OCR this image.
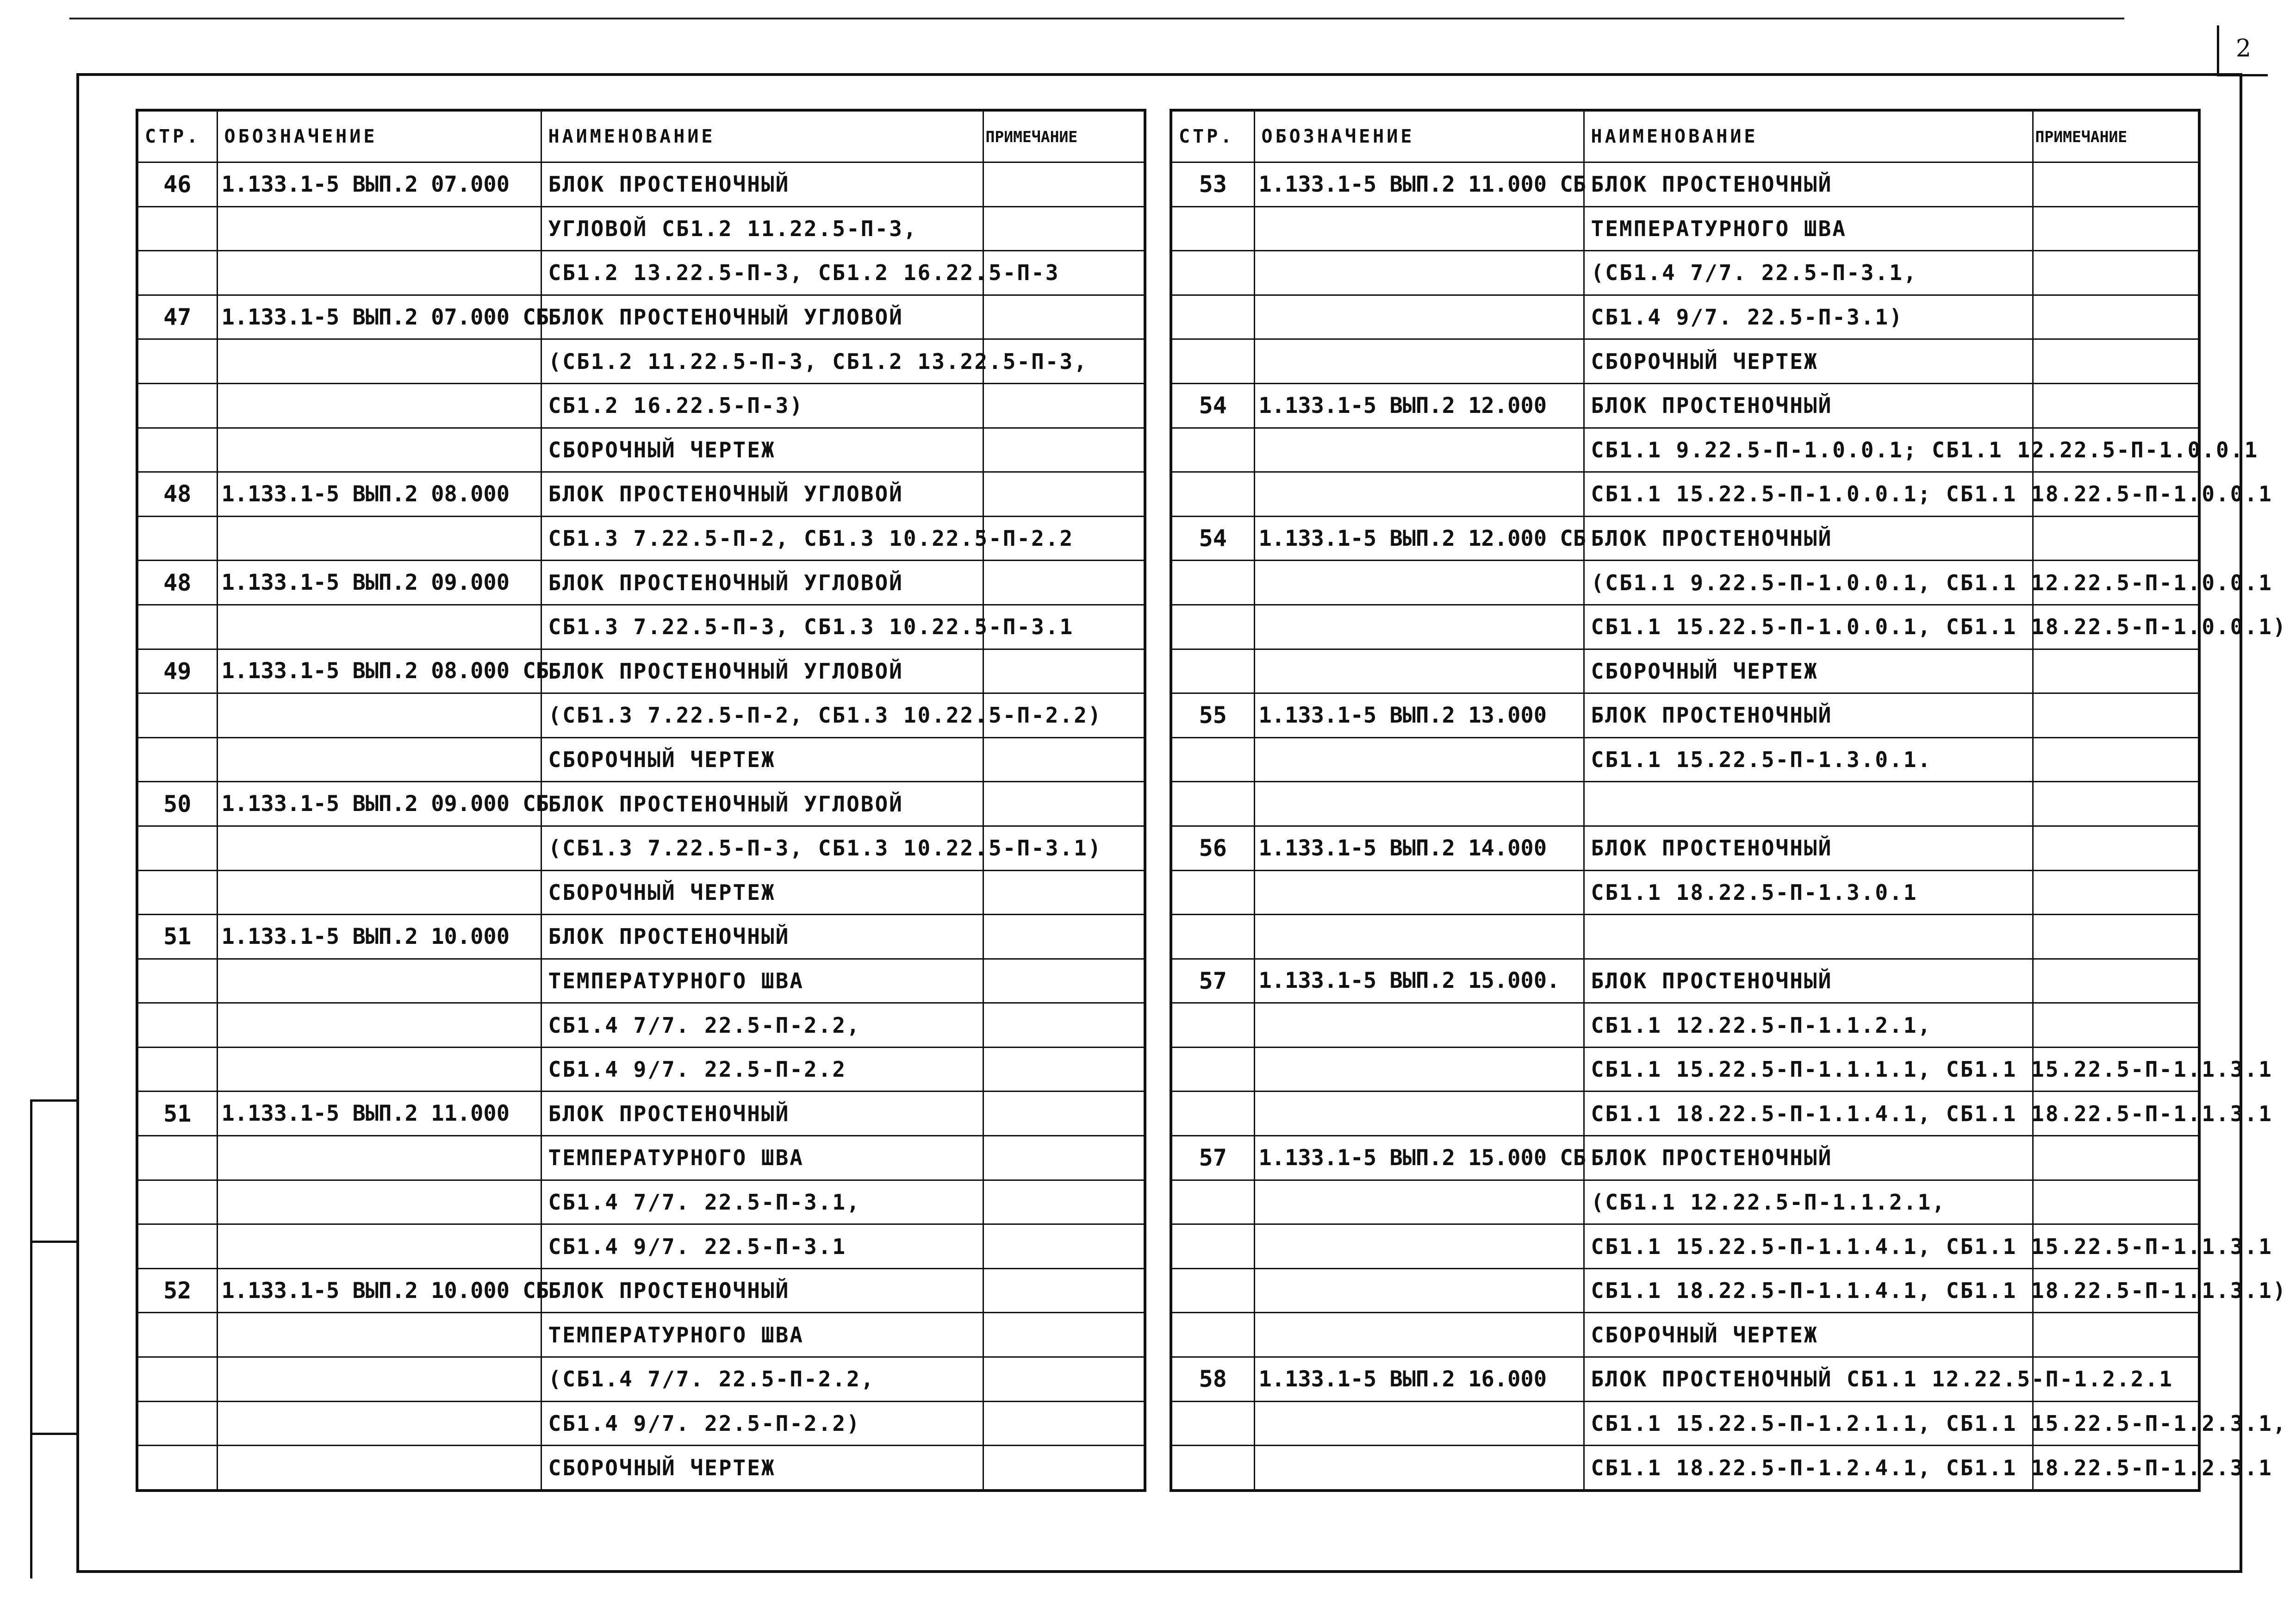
2
СТР.	ОБОЗНАЧЕНИЕ	НАИМЕНОВАНИЕ	ПРИМЕЧАНИЕ
46	1.133.1-5 ВЫП.2 07.000	БЛОК ПРОСТЕНОЧНЫЙ	
		УГЛОВОЙ СБ1.2 11.22.5-П-3,	
		СБ1.2 13.22.5-П-3, СБ1.2 16.22.5-П-3	
47	1.133.1-5 ВЫП.2 07.000 СБ	БЛОК ПРОСТЕНОЧНЫЙ УГЛОВОЙ	
		(СБ1.2 11.22.5-П-3, СБ1.2 13.22.5-П-3,	
		СБ1.2 16.22.5-П-3)	
		СБОРОЧНЫЙ ЧЕРТЕЖ	
48	1.133.1-5 ВЫП.2 08.000	БЛОК ПРОСТЕНОЧНЫЙ УГЛОВОЙ	
		СБ1.3 7.22.5-П-2, СБ1.3 10.22.5-П-2.2	
48	1.133.1-5 ВЫП.2 09.000	БЛОК ПРОСТЕНОЧНЫЙ УГЛОВОЙ	
		СБ1.3 7.22.5-П-3, СБ1.3 10.22.5-П-3.1	
49	1.133.1-5 ВЫП.2 08.000 СБ	БЛОК ПРОСТЕНОЧНЫЙ УГЛОВОЙ	
		(СБ1.3 7.22.5-П-2, СБ1.3 10.22.5-П-2.2)	
		СБОРОЧНЫЙ ЧЕРТЕЖ	
50	1.133.1-5 ВЫП.2 09.000 СБ	БЛОК ПРОСТЕНОЧНЫЙ УГЛОВОЙ	
		(СБ1.3 7.22.5-П-3, СБ1.3 10.22.5-П-3.1)	
		СБОРОЧНЫЙ ЧЕРТЕЖ	
51	1.133.1-5 ВЫП.2 10.000	БЛОК ПРОСТЕНОЧНЫЙ	
		ТЕМПЕРАТУРНОГО ШВА	
		СБ1.4 7/7. 22.5-П-2.2,	
		СБ1.4 9/7. 22.5-П-2.2	
51	1.133.1-5 ВЫП.2 11.000	БЛОК ПРОСТЕНОЧНЫЙ	
		ТЕМПЕРАТУРНОГО ШВА	
		СБ1.4 7/7. 22.5-П-3.1,	
		СБ1.4 9/7. 22.5-П-3.1	
52	1.133.1-5 ВЫП.2 10.000 СБ	БЛОК ПРОСТЕНОЧНЫЙ	
		ТЕМПЕРАТУРНОГО ШВА	
		(СБ1.4 7/7. 22.5-П-2.2,	
		СБ1.4 9/7. 22.5-П-2.2)	
		СБОРОЧНЫЙ ЧЕРТЕЖ	
СТР.	ОБОЗНАЧЕНИЕ	НАИМЕНОВАНИЕ	ПРИМЕЧАНИЕ
53	1.133.1-5 ВЫП.2 11.000 СБ	БЛОК ПРОСТЕНОЧНЫЙ	
		ТЕМПЕРАТУРНОГО ШВА	
		(СБ1.4 7/7. 22.5-П-3.1,	
		СБ1.4 9/7. 22.5-П-3.1)	
		СБОРОЧНЫЙ ЧЕРТЕЖ	
54	1.133.1-5 ВЫП.2 12.000	БЛОК ПРОСТЕНОЧНЫЙ	
		СБ1.1 9.22.5-П-1.0.0.1; СБ1.1 12.22.5-П-1.0.0.1	
		СБ1.1 15.22.5-П-1.0.0.1; СБ1.1 18.22.5-П-1.0.0.1	
54	1.133.1-5 ВЫП.2 12.000 СБ	БЛОК ПРОСТЕНОЧНЫЙ	
		(СБ1.1 9.22.5-П-1.0.0.1, СБ1.1 12.22.5-П-1.0.0.1	
		СБ1.1 15.22.5-П-1.0.0.1, СБ1.1 18.22.5-П-1.0.0.1)	
		СБОРОЧНЫЙ ЧЕРТЕЖ	
55	1.133.1-5 ВЫП.2 13.000	БЛОК ПРОСТЕНОЧНЫЙ	
		СБ1.1 15.22.5-П-1.3.0.1.	

56	1.133.1-5 ВЫП.2 14.000	БЛОК ПРОСТЕНОЧНЫЙ	
		СБ1.1 18.22.5-П-1.3.0.1	

57	1.133.1-5 ВЫП.2 15.000.	БЛОК ПРОСТЕНОЧНЫЙ	
		СБ1.1 12.22.5-П-1.1.2.1,	
		СБ1.1 15.22.5-П-1.1.1.1, СБ1.1 15.22.5-П-1.1.3.1	
		СБ1.1 18.22.5-П-1.1.4.1, СБ1.1 18.22.5-П-1.1.3.1	
57	1.133.1-5 ВЫП.2 15.000 СБ	БЛОК ПРОСТЕНОЧНЫЙ	
		(СБ1.1 12.22.5-П-1.1.2.1,	
		СБ1.1 15.22.5-П-1.1.4.1, СБ1.1 15.22.5-П-1.1.3.1	
		СБ1.1 18.22.5-П-1.1.4.1, СБ1.1 18.22.5-П-1.1.3.1)	
		СБОРОЧНЫЙ ЧЕРТЕЖ	
58	1.133.1-5 ВЫП.2 16.000	БЛОК ПРОСТЕНОЧНЫЙ СБ1.1 12.22.5-П-1.2.2.1	
		СБ1.1 15.22.5-П-1.2.1.1, СБ1.1 15.22.5-П-1.2.3.1,	
		СБ1.1 18.22.5-П-1.2.4.1, СБ1.1 18.22.5-П-1.2.3.1	
